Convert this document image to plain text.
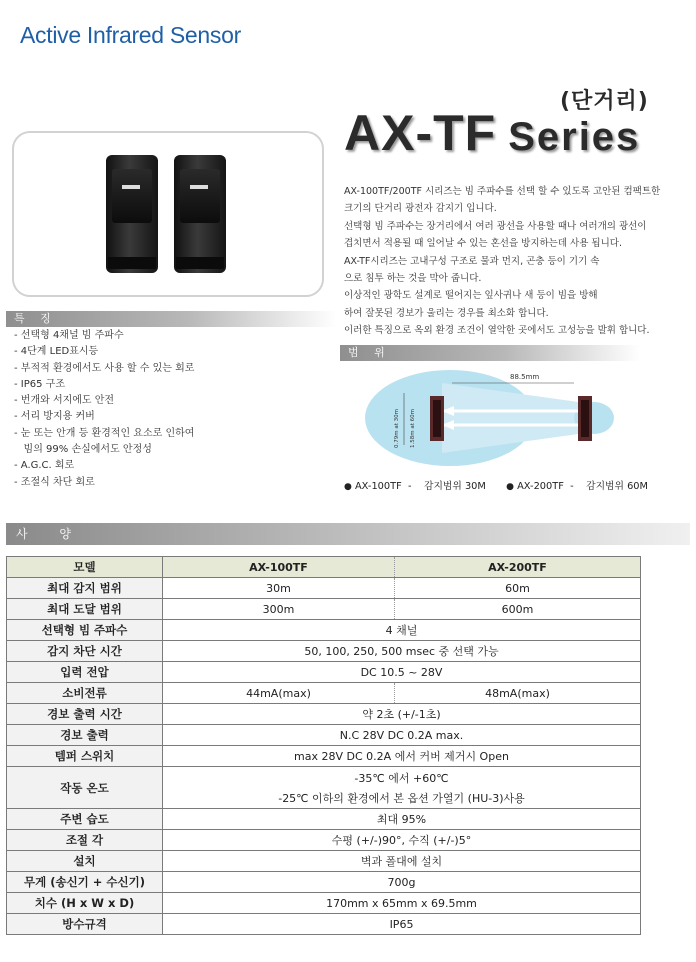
Active Infrared Sensor
(단거리)
AX-TF Series
특 징
- 선택형 4채널 빔 주파수
- 4단계 LED표시등
- 부적적 환경에서도 사용 할 수 있는 회로
- IP65 구조
- 번개와 서지에도 안전
- 서리 방지용 커버
- 눈 또는 안개 등 환경적인 요소로 인하여
빔의 99% 손실에서도 안정성
- A.G.C. 회로
- 조절식 차단 회로
AX-100TF/200TF 시리즈는 빔 주파수를 선택 할 수 있도록 고안된 컴팩트한
크기의 단거리 광전자 감지기 입니다.
선택형 빔 주파수는 장거리에서 여러 광선을 사용할 때나 여러개의 광선이
겹치면서 적용될 때 일어날 수 있는 혼선을 방지하는데 사용 됩니다.
AX-TF시리즈는 고내구성 구조로 물과 먼지, 곤충 등이 기기 속
으로 침투 하는 것을 막아 줍니다.
이상적인 광학도 설계로 떨어지는 잎사귀나 새 등이 빔을 방해
하여 잘못된 경보가 울리는 경우를 최소화 합니다.
이러한 특징으로 옥외 환경 조건이 열악한 곳에서도 고성능을 발휘 합니다.
범 위
88.5mm
0.79m at 30m 1.58m at 60m
● AX-100TF  -    감지범위 30M ● AX-200TF  -    감지범위 60M
사 양
모델	AX-100TF	AX-200TF
최대 감지 범위	30m	60m
최대 도달 범위	300m	600m
선택형 빔 주파수	4 채널	
감지 차단 시간	50, 100, 250, 500 msec 중 선택 가능	
입력 전압	DC 10.5 ~ 28V	
소비전류	44mA(max)	48mA(max)
경보 출력 시간	약 2초 (+/-1초)	
경보 출력	N.C 28V DC 0.2A max.	
템퍼 스위치	max 28V DC 0.2A 에서 커버 제거시 Open	
작동 온도	-35℃ 에서 +60℃
-25℃ 이하의 환경에서 본 옵션 가열기 (HU-3)사용	

주변 습도	최대 95%	
조절 각	수평 (+/-)90°, 수직 (+/-)5°	
설치	벽과 폴대에 설치	
무게 (송신기 + 수신기)	700g	
치수 (H x W x D)	170mm x 65mm x 69.5mm	
방수규격	IP65	
